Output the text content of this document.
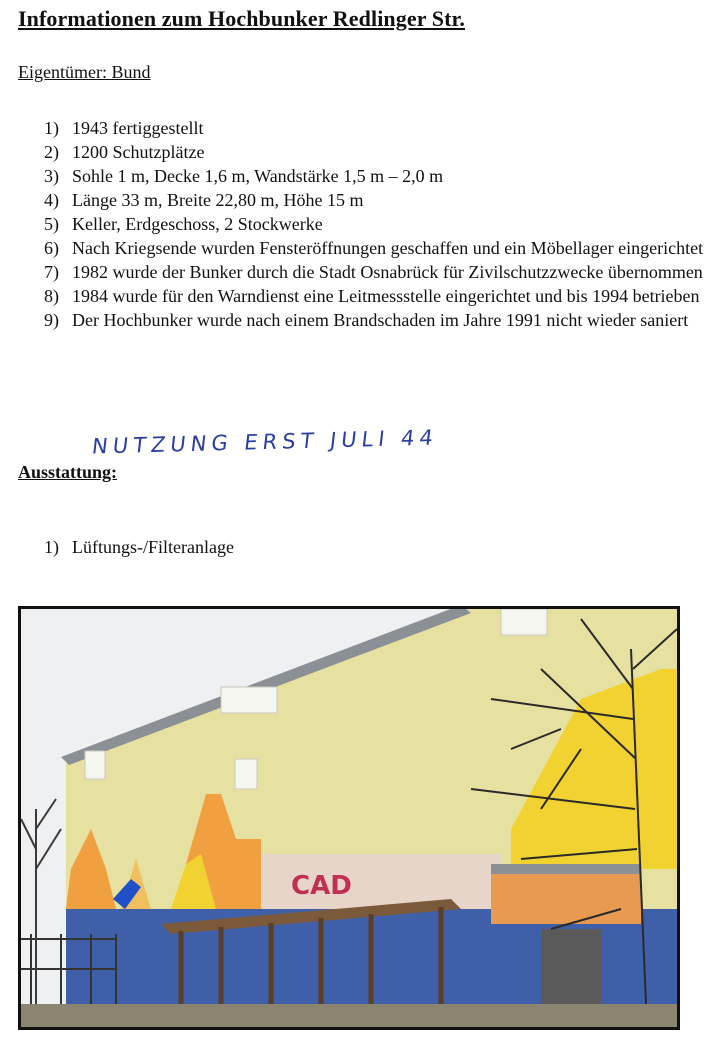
Informationen zum Hochbunker Redlinger Str.
Eigentümer: Bund
1) 1943 fertiggestellt
2) 1200 Schutzplätze
3) Sohle 1 m, Decke 1,6 m, Wandstärke 1,5 m – 2,0 m
4) Länge 33 m, Breite 22,80 m, Höhe 15 m
5) Keller, Erdgeschoss, 2 Stockwerke
6) Nach Kriegsende wurden Fensteröffnungen geschaffen und ein Möbellager eingerichtet
7) 1982 wurde der Bunker durch die Stadt Osnabrück für Zivilschutzzwecke übernommen
8) 1984 wurde für den Warndienst eine Leitmessstelle eingerichtet und bis 1994 betrieben
9) Der Hochbunker wurde nach einem Brandschaden im Jahre 1991 nicht wieder saniert
NUTZUNG ERST JULI 44
Ausstattung:
1) Lüftungs-/Filteranlage
CAD
